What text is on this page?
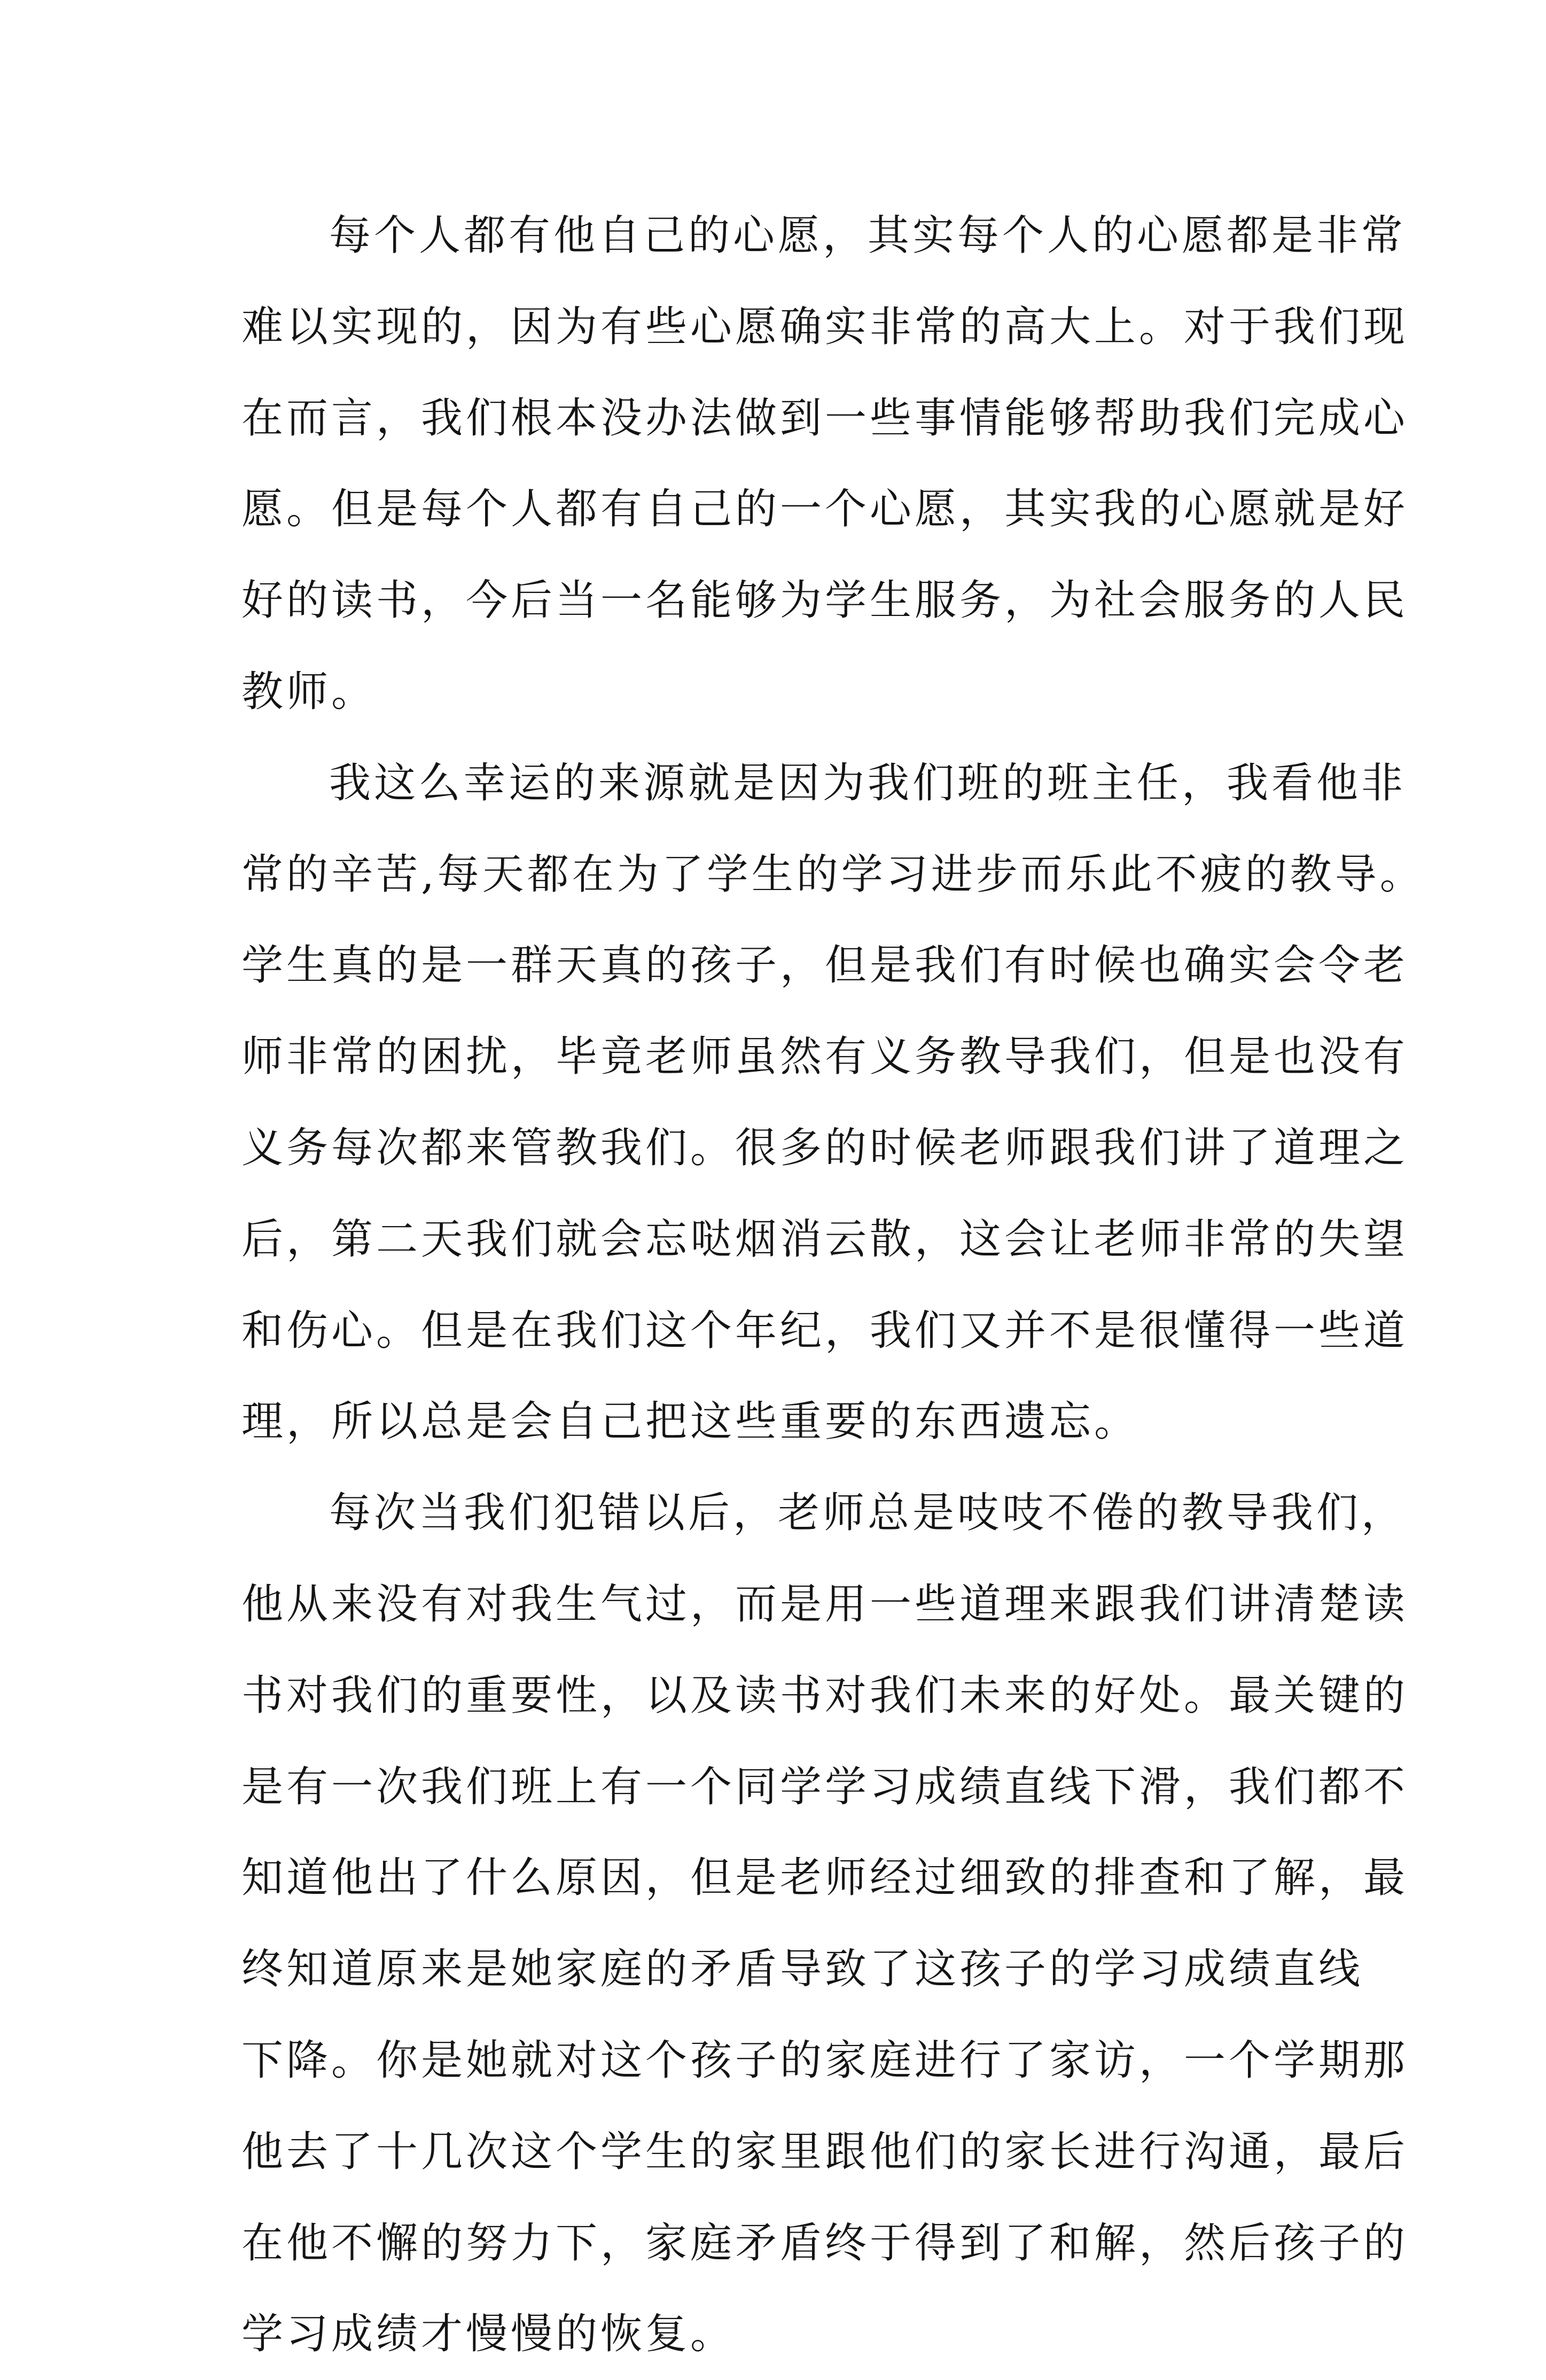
每个人都有他自己的心愿，其实每个人的心愿都是非常
难以实现的，因为有些心愿确实非常的高大上。对于我们现
在而言，我们根本没办法做到一些事情能够帮助我们完成心
愿。但是每个人都有自己的一个心愿，其实我的心愿就是好
好的读书，今后当一名能够为学生服务，为社会服务的人民
教师。
我这么幸运的来源就是因为我们班的班主任，我看他非
常的辛苦,每天都在为了学生的学习进步而乐此不疲的教导。
学生真的是一群天真的孩子，但是我们有时候也确实会令老
师非常的困扰，毕竟老师虽然有义务教导我们，但是也没有
义务每次都来管教我们。很多的时候老师跟我们讲了道理之
后，第二天我们就会忘哒烟消云散，这会让老师非常的失望
和伤心。但是在我们这个年纪，我们又并不是很懂得一些道
理，所以总是会自己把这些重要的东西遗忘。
每次当我们犯错以后，老师总是吱吱不倦的教导我们，
他从来没有对我生气过，而是用一些道理来跟我们讲清楚读
书对我们的重要性，以及读书对我们未来的好处。最关键的
是有一次我们班上有一个同学学习成绩直线下滑，我们都不
知道他出了什么原因，但是老师经过细致的排查和了解，最
终知道原来是她家庭的矛盾导致了这孩子的学习成绩直线
下降。你是她就对这个孩子的家庭进行了家访，一个学期那
他去了十几次这个学生的家里跟他们的家长进行沟通，最后
在他不懈的努力下，家庭矛盾终于得到了和解，然后孩子的
学习成绩才慢慢的恢复。
